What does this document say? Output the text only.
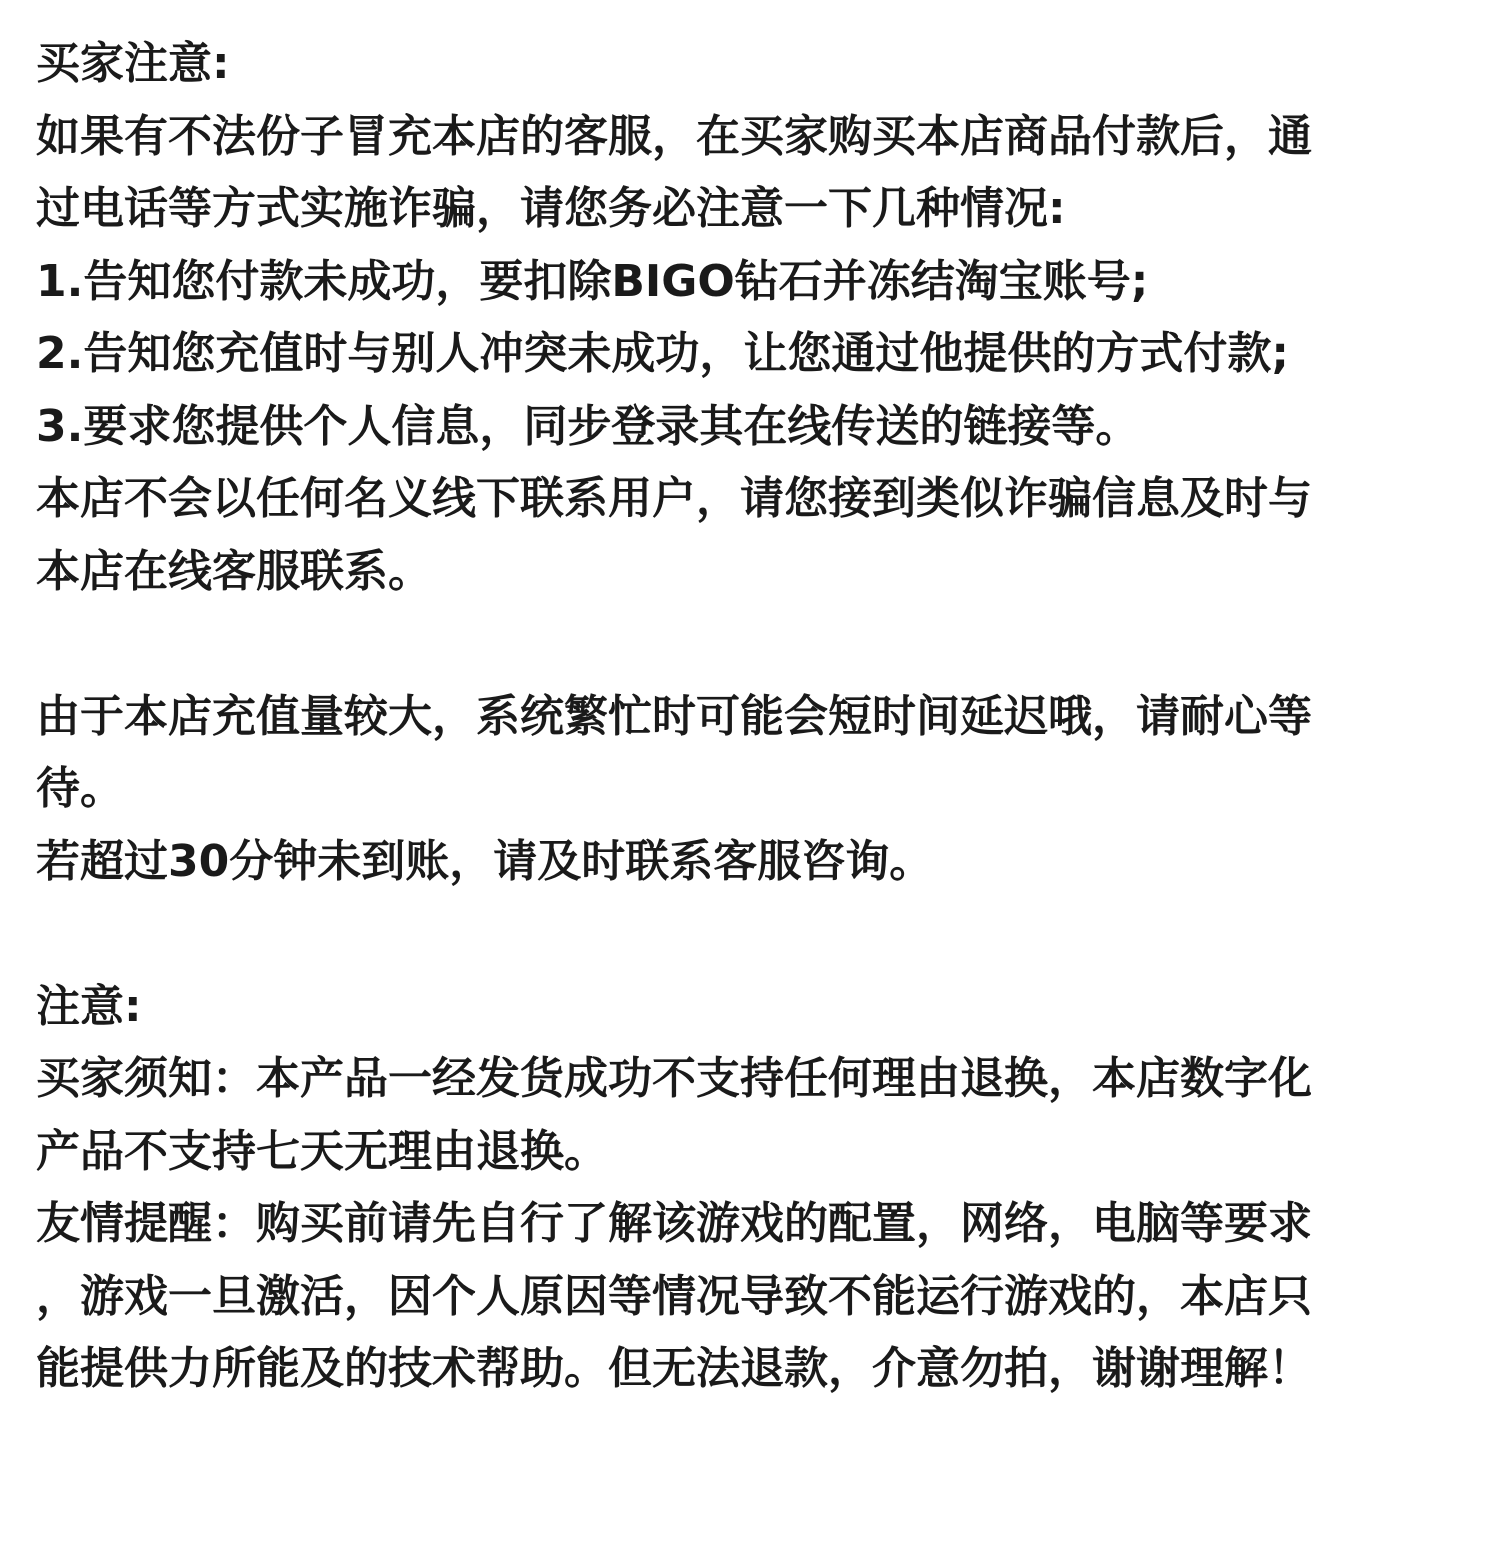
买家注意:
如果有不法份子冒充本店的客服，在买家购买本店商品付款后，通
过电话等方式实施诈骗，请您务必注意一下几种情况:
1.告知您付款未成功，要扣除BIGO钻石并冻结淘宝账号;
2.告知您充值时与别人冲突未成功，让您通过他提供的方式付款;
3.要求您提供个人信息，同步登录其在线传送的链接等。
本店不会以任何名义线下联系用户，请您接到类似诈骗信息及时与
本店在线客服联系。
由于本店充值量较大，系统繁忙时可能会短时间延迟哦，请耐心等
待。
若超过30分钟未到账，请及时联系客服咨询。
注意:
买家须知：本产品一经发货成功不支持任何理由退换，本店数字化
产品不支持七天无理由退换。
友情提醒：购买前请先自行了解该游戏的配置，网络，电脑等要求
，游戏一旦激活，因个人原因等情况导致不能运行游戏的，本店只
能提供力所能及的技术帮助。但无法退款，介意勿拍，谢谢理解！
